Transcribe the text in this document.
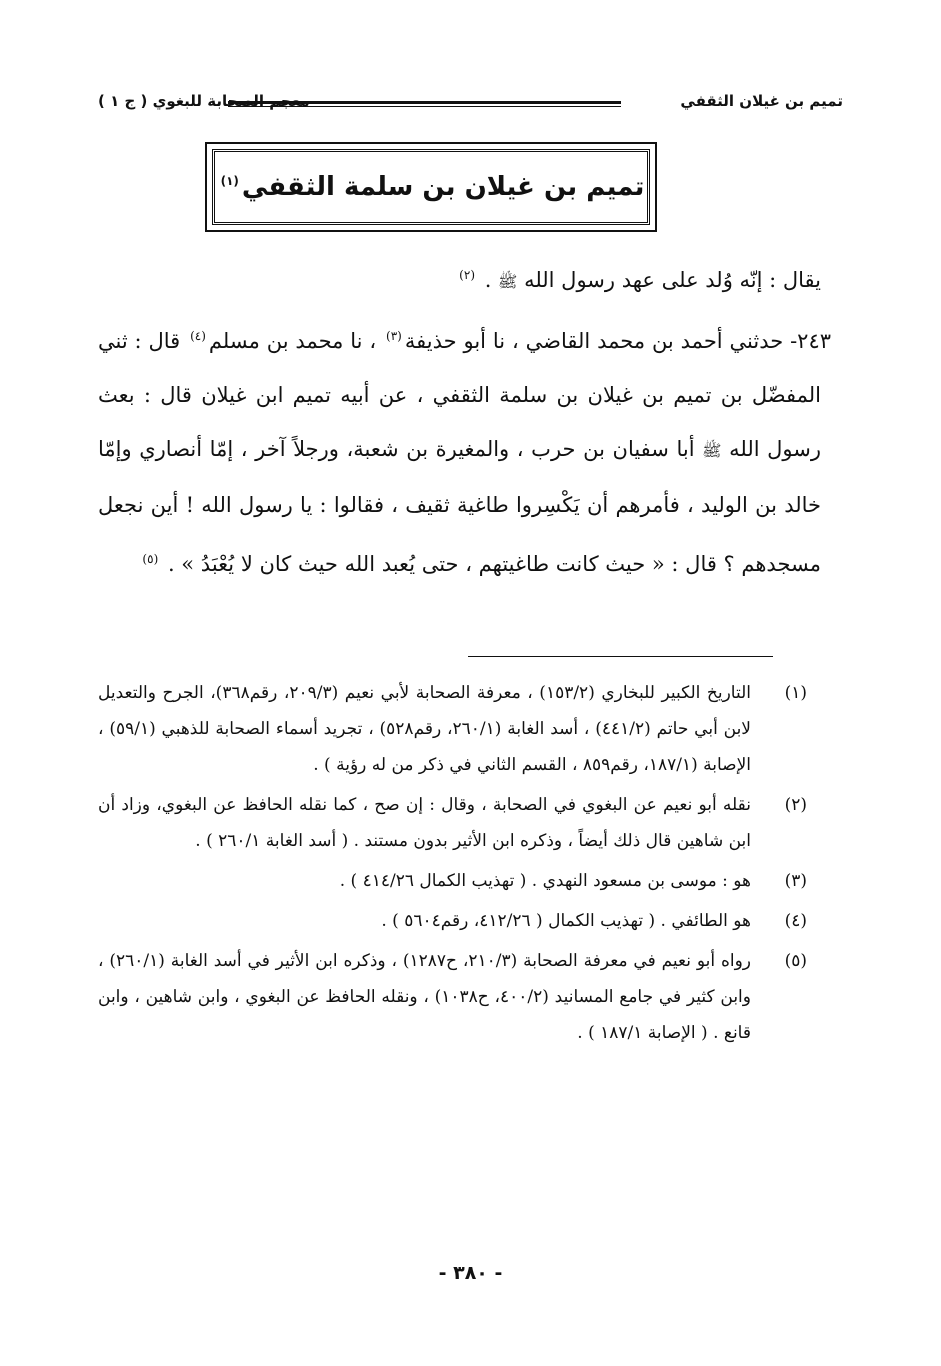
تميم بن غيلان الثقفي
معجم الصحابة للبغوي ( ج ١ )
تميم بن غيلان بن سلمة الثقفي$^{(١)}$

يقال : إنّه وُلد على عهد رسول الله ﷺ . $^{(٢)}$

٢٤٣- حدثني أحمد بن محمد القاضي ، نا أبو حذيفة$^{(٣)}$ ، نا محمد بن مسلم$^{(٤)}$ قال : ثني المفضّل بن تميم بن غيلان بن سلمة الثقفي ، عن أبيه تميم ابن غيلان قال : بعث رسول الله ﷺ أبا سفيان بن حرب ، والمغيرة بن شعبة، ورجلاً آخر ، إمّا أنصاري وإمّا خالد بن الوليد ، فأمرهم أن يَكْسِروا طاغية ثقيف ، فقالوا : يا رسول الله ! أين نجعل مسجدهم ؟ قال : « حيث كانت طاغيتهم ، حتى يُعبد الله حيث كان لا يُعْبَدُ » . $^{(٥)}$

(١)
التاريخ الكبير للبخاري (١٥٣/٢) ، معرفة الصحابة لأبي نعيم (٢٠٩/٣، رقم٣٦٨)، الجرح والتعديل لابن أبي حاتم (٤٤١/٢) ، أسد الغابة (٢٦٠/١، رقم٥٢٨) ، تجريد أسماء الصحابة للذهبي (٥٩/١) ، الإصابة (١٨٧/١، رقم٨٥٩ ، القسم الثاني في ذكر من له رؤية ) .
(٢)
نقله أبو نعيم عن البغوي في الصحابة ، وقال : إن صح ، كما نقله الحافظ عن البغوي، وزاد أن ابن شاهين قال ذلك أيضاً ، وذكره ابن الأثير بدون مستند . ( أسد الغابة ٢٦٠/١ ) .
(٣)
هو : موسى بن مسعود النهدي . ( تهذيب الكمال ٤١٤/٢٦ ) .
(٤)
هو الطائفي . ( تهذيب الكمال ( ٤١٢/٢٦، رقم٥٦٠٤ ) .
(٥)
رواه أبو نعيم في معرفة الصحابة (٢١٠/٣، ح١٢٨٧) ، وذكره ابن الأثير في أسد الغابة (٢٦٠/١) ، وابن كثير في جامع المسانيد (٤٠٠/٢، ح١٠٣٨) ، ونقله الحافظ عن البغوي ، وابن شاهين ، وابن قانع . ( الإصابة ١٨٧/١ ) .
- ٣٨٠ -
